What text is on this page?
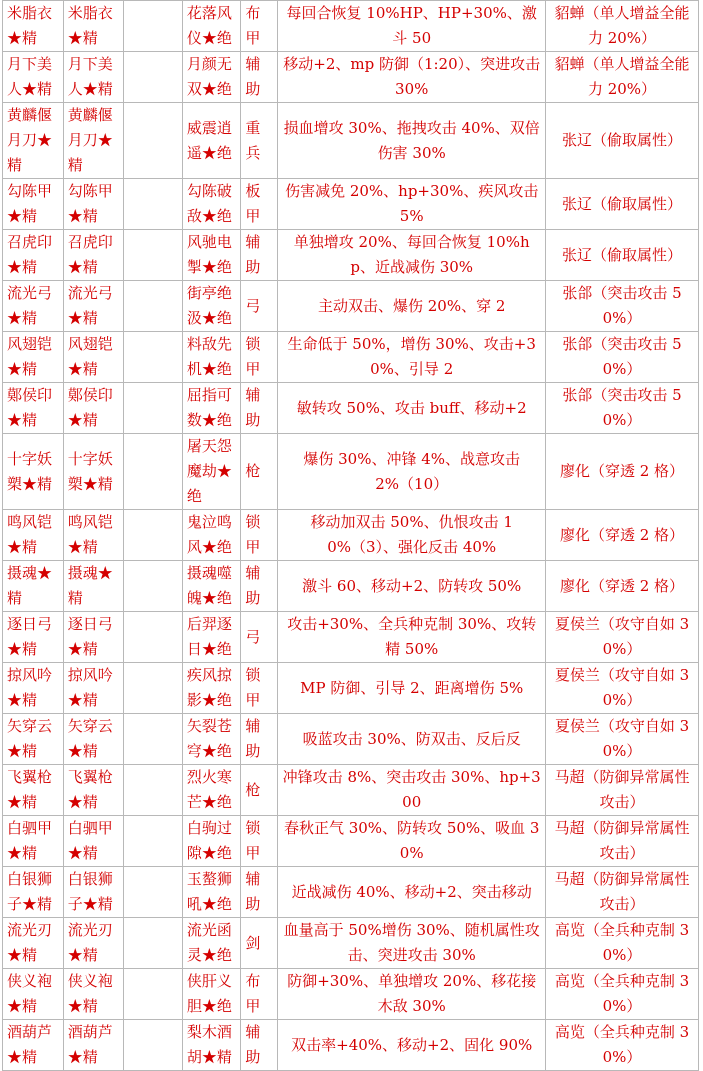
米脂衣★精	米脂衣★精		花落风仪★绝	布甲	每回合恢复 10%HP、HP+30%、激斗 50	貂蝉（单人增益全能力 20%）
月下美人★精	月下美人★精		月颜无双★绝	辅助	移动+2、mp 防御（1:20）、突进攻击 30%	貂蝉（单人增益全能力 20%）
黄麟偃月刀★精	黄麟偃月刀★精		威震逍遥★绝	重兵	损血增攻 30%、拖拽攻击 40%、双倍伤害 30%	张辽（偷取属性）
勾陈甲★精	勾陈甲★精		勾陈破敌★绝	板甲	伤害减免 20%、hp+30%、疾风攻击 5%	张辽（偷取属性）
召虎印★精	召虎印★精		风驰电掣★绝	辅助	单独增攻 20%、每回合恢复 10%hp、近战减伤 30%	张辽（偷取属性）
流光弓★精	流光弓★精		街亭绝汲★绝	弓	主动双击、爆伤 20%、穿 2	张郃（突击攻击 50%）
风翅铠★精	风翅铠★精		料敌先机★绝	锁甲	生命低于 50%，增伤 30%、攻击+30%、引导 2	张郃（突击攻击 50%）
鄚侯印★精	鄚侯印★精		屈指可数★绝	辅助	敏转攻 50%、攻击 buff、移动+2	张郃（突击攻击 50%）
十字妖槊★精	十字妖槊★精		屠天怨魔劫★绝	枪	爆伤 30%、冲锋 4%、战意攻击 2%（10）	廖化（穿透 2 格）
鸣风铠★精	鸣风铠★精		鬼泣鸣风★绝	锁甲	移动加双击 50%、仇恨攻击 10%（3）、强化反击 40%	廖化（穿透 2 格）
摄魂★精	摄魂★精		摄魂噬魄★绝	辅助	激斗 60、移动+2、防转攻 50%	廖化（穿透 2 格）
逐日弓★精	逐日弓★精		后羿逐日★绝	弓	攻击+30%、全兵种克制 30%、攻转精 50%	夏侯兰（攻守自如 30%）
掠风吟★精	掠风吟★精		疾风掠影★绝	锁甲	MP 防御、引导 2、距离增伤 5%	夏侯兰（攻守自如 30%）
矢穿云★精	矢穿云★精		矢裂苍穹★绝	辅助	吸蓝攻击 30%、防双击、反后反	夏侯兰（攻守自如 30%）
飞翼枪★精	飞翼枪★精		烈火寒芒★绝	枪	冲锋攻击 8%、突击攻击 30%、hp+300	马超（防御异常属性攻击）
白驷甲★精	白驷甲★精		白驹过隙★绝	锁甲	春秋正气 30%、防转攻 50%、吸血 30%	马超（防御异常属性攻击）
白银狮子★精	白银狮子★精		玉螯狮吼★绝	辅助	近战减伤 40%、移动+2、突击移动	马超（防御异常属性攻击）
流光刃★精	流光刃★精		流光函灵★绝	剑	血量高于 50%增伤 30%、随机属性攻击、突进攻击 30%	高览（全兵种克制 30%）
侠义袍★精	侠义袍★精		侠肝义胆★绝	布甲	防御+30%、单独增攻 20%、移花接木敌 30%	高览（全兵种克制 30%）
酒葫芦★精	酒葫芦★精		梨木酒胡★精	辅助	双击率+40%、移动+2、固化 90%	高览（全兵种克制 30%）
